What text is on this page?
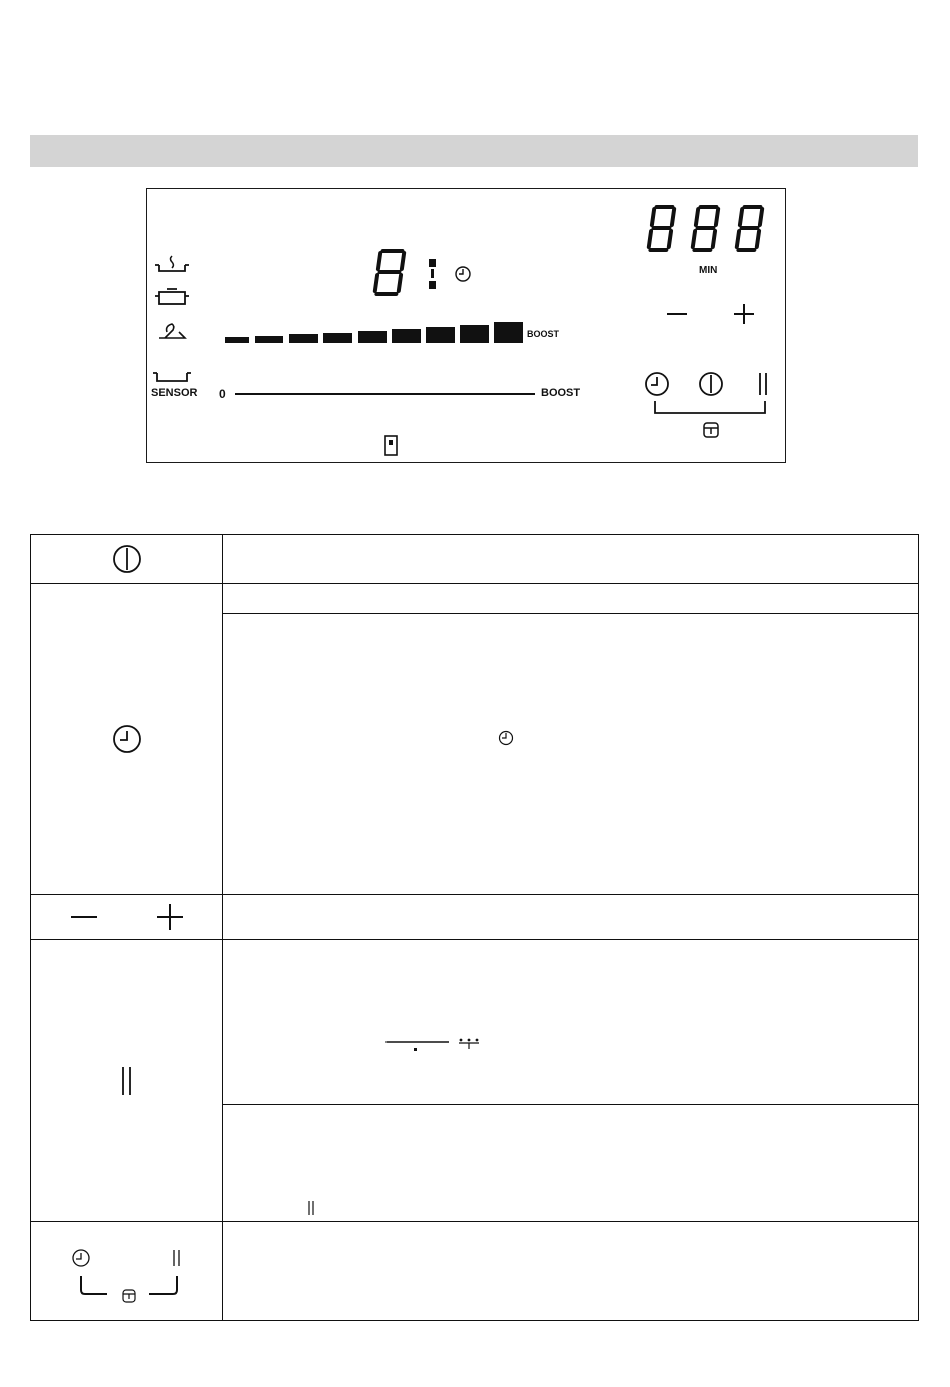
SENSOR
BOOST
0	BOOST
MIN
